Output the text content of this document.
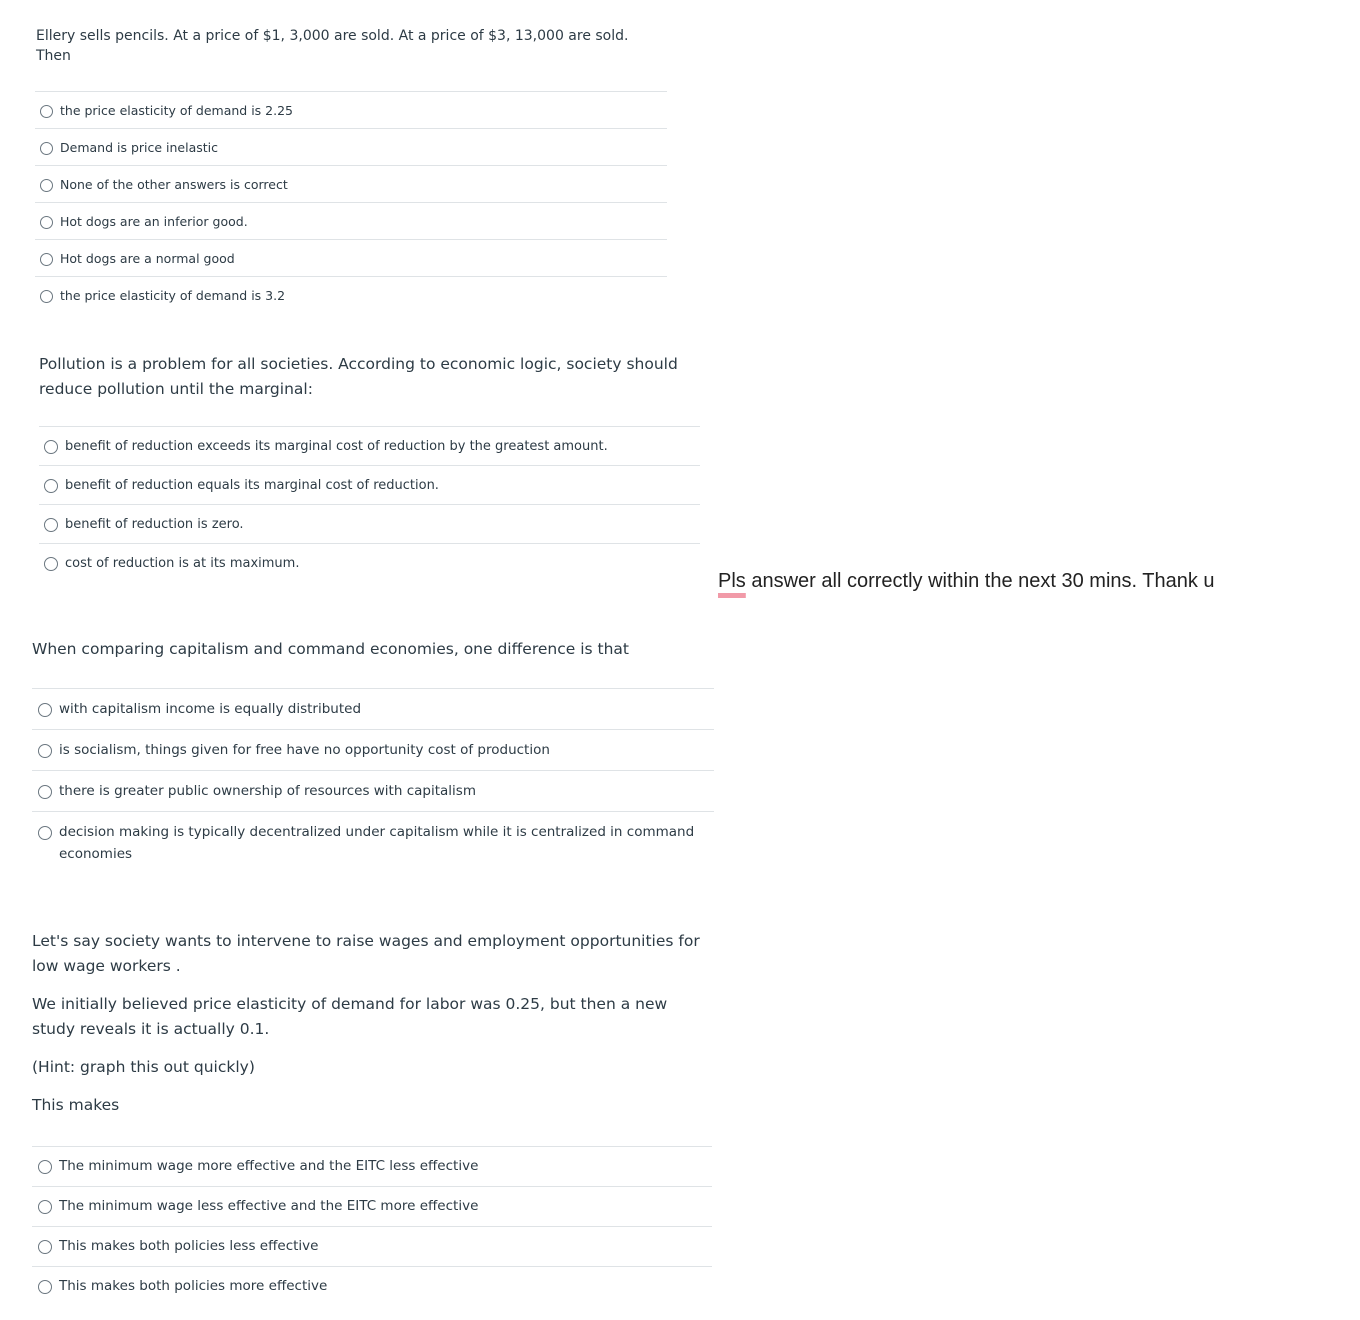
Ellery sells pencils. At a price of $1, 3,000 are sold. At a price of $3, 13,000 are sold. Then

the price elasticity of demand is 2.25
Demand is price inelastic
None of the other answers is correct
Hot dogs are an inferior good.
Hot dogs are a normal good
the price elasticity of demand is 3.2

Pollution is a problem for all societies. According to economic logic, society should reduce pollution until the marginal:

benefit of reduction exceeds its marginal cost of reduction by the greatest amount.
benefit of reduction equals its marginal cost of reduction.
benefit of reduction is zero.
cost of reduction is at its maximum.

When comparing capitalism and command economies, one difference is that

with capitalism income is equally distributed
is socialism, things given for free have no opportunity cost of production
there is greater public ownership of resources with capitalism
decision making is typically decentralized under capitalism while it is centralized in command economies

Let's say society wants to intervene to raise wages and employment opportunities for low wage workers .

We initially believed price elasticity of demand for labor was 0.25, but then a new study reveals it is actually 0.1.

(Hint: graph this out quickly)

This makes

The minimum wage more effective and the EITC less effective
The minimum wage less effective and the EITC more effective
This makes both policies less effective
This makes both policies more effective
Pls answer all correctly within the next 30 mins. Thank u
